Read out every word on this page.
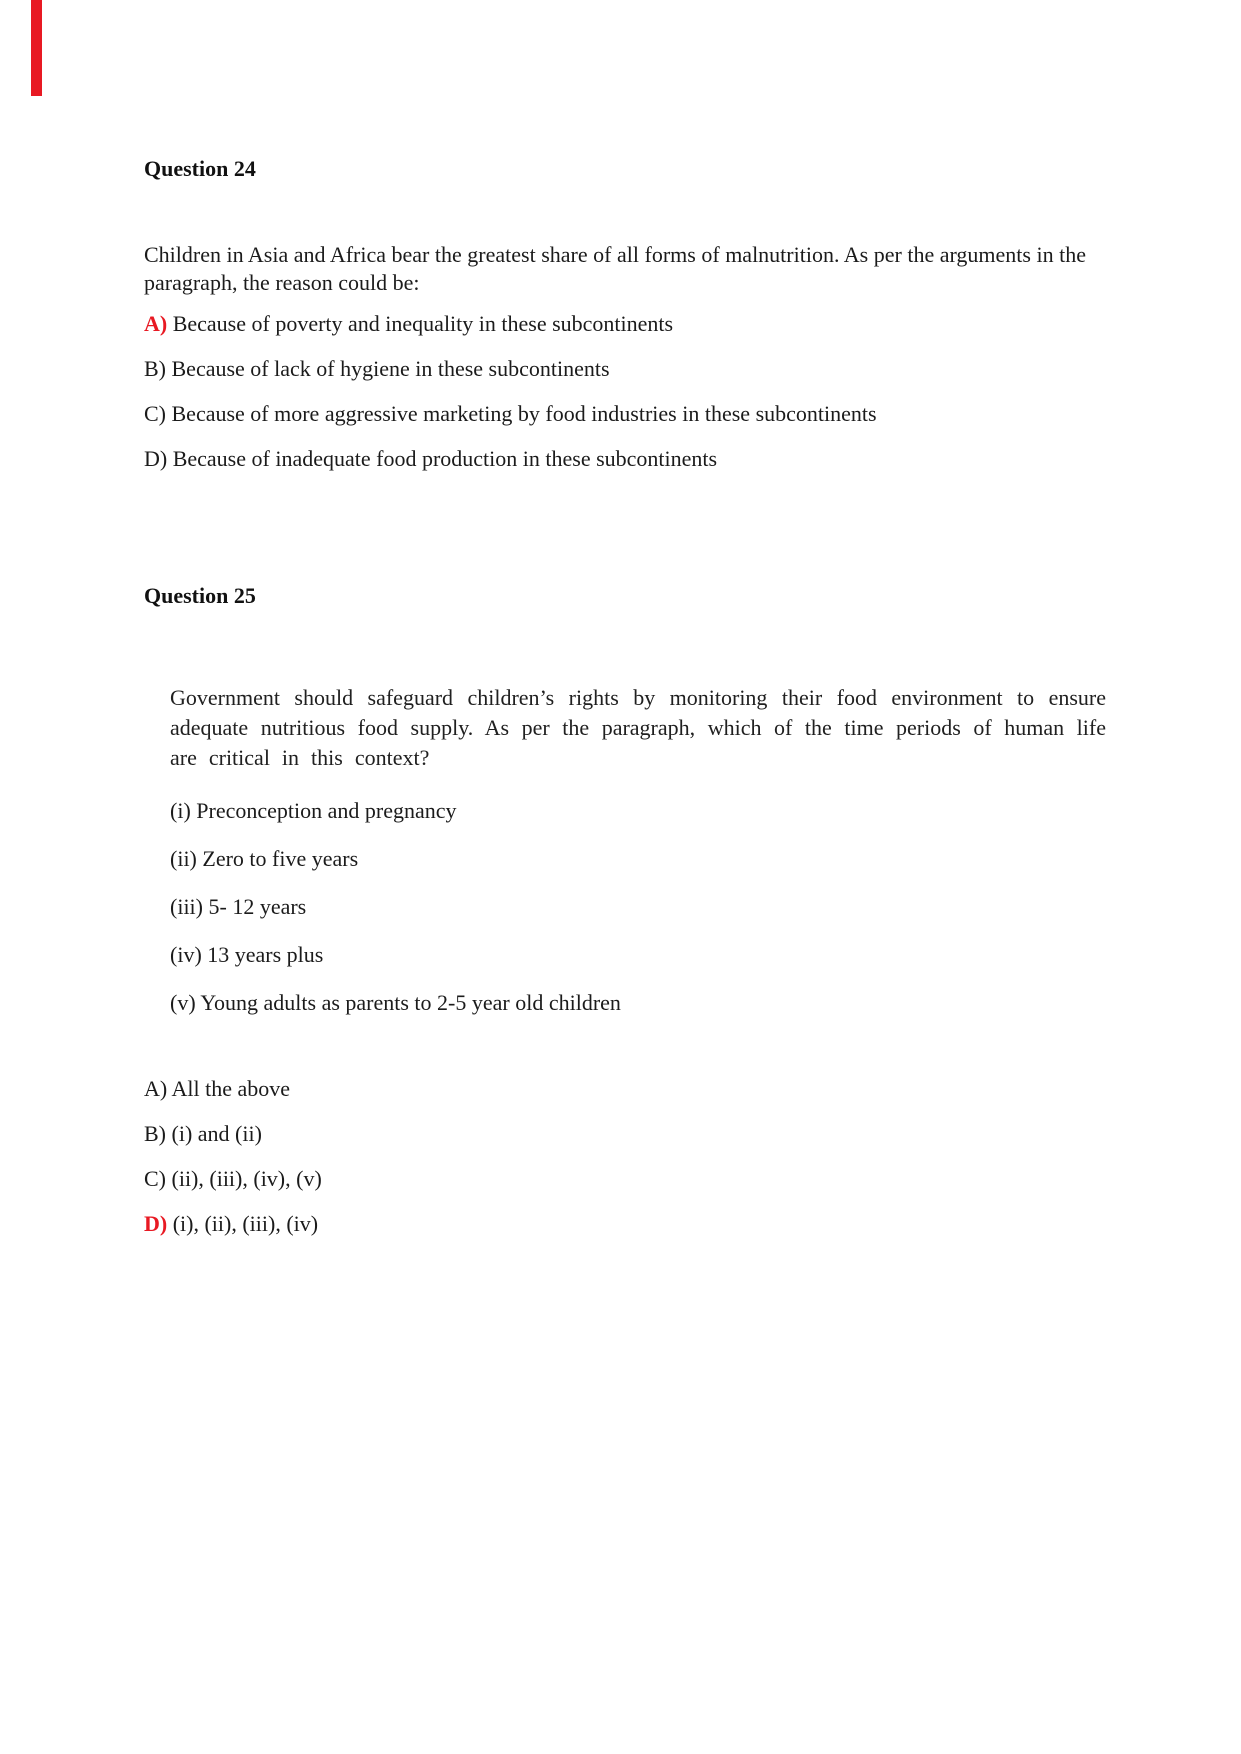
Question 24

Children in Asia and Africa bear the greatest share of all forms of malnutrition. As per the arguments in the paragraph, the reason could be:

A) Because of poverty and inequality in these subcontinents

B) Because of lack of hygiene in these subcontinents

C) Because of more aggressive marketing by food industries in these subcontinents

D) Because of inadequate food production in these subcontinents

Question 25

Government should safeguard children’s rights by monitoring their food environment to ensure adequate nutritious food supply. As per the paragraph, which of the time periods of human life are critical in this context?

(i) Preconception and pregnancy

(ii) Zero to five years

(iii) 5- 12 years

(iv) 13 years plus

(v) Young adults as parents to 2-5 year old children

A) All the above

B) (i) and (ii)

C) (ii), (iii), (iv), (v)

D) (i), (ii), (iii), (iv)
